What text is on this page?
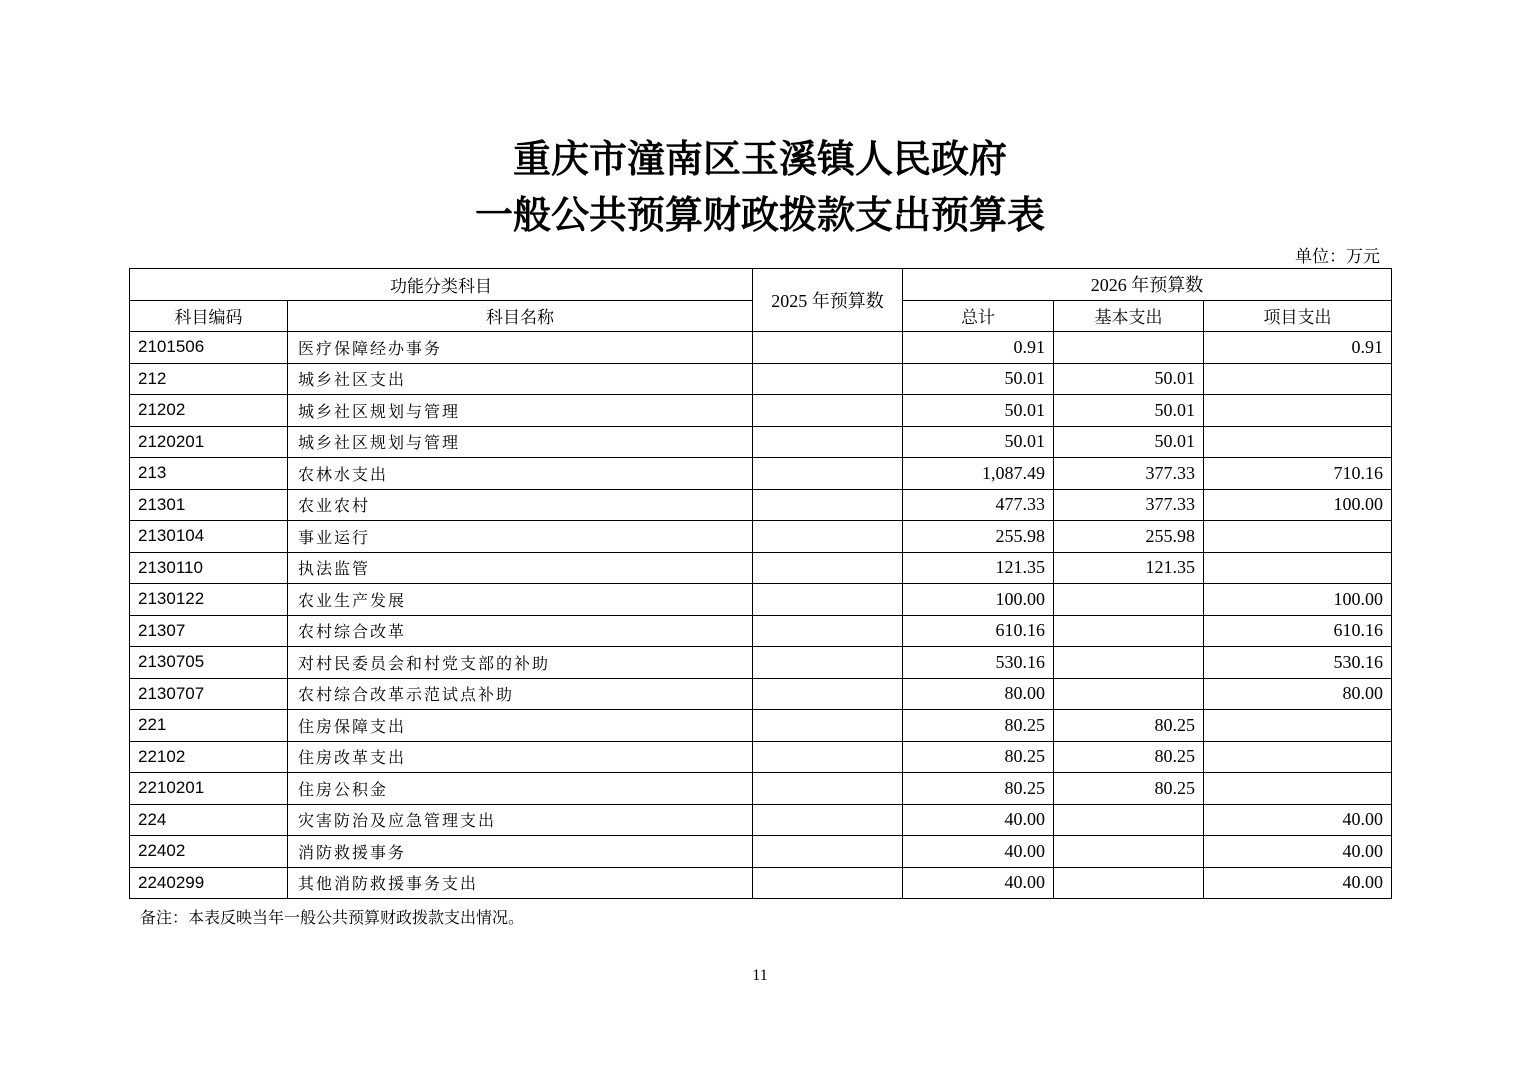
重庆市潼南区玉溪镇人民政府
一般公共预算财政拨款支出预算表
单位：万元
功能分类科目		2025 年预算数	2026 年预算数		
科目编码	科目名称		总计	基本支出	项目支出
2101506	医疗保障经办事务		0.91		0.91
212	城乡社区支出		50.01	50.01	
21202	城乡社区规划与管理		50.01	50.01	
2120201	城乡社区规划与管理		50.01	50.01	
213	农林水支出		1,087.49	377.33	710.16
21301	农业农村		477.33	377.33	100.00
2130104	事业运行		255.98	255.98	
2130110	执法监管		121.35	121.35	
2130122	农业生产发展		100.00		100.00
21307	农村综合改革		610.16		610.16
2130705	对村民委员会和村党支部的补助		530.16		530.16
2130707	农村综合改革示范试点补助		80.00		80.00
221	住房保障支出		80.25	80.25	
22102	住房改革支出		80.25	80.25	
2210201	住房公积金		80.25	80.25	
224	灾害防治及应急管理支出		40.00		40.00
22402	消防救援事务		40.00		40.00
2240299	其他消防救援事务支出		40.00		40.00
备注：本表反映当年一般公共预算财政拨款支出情况。
11
